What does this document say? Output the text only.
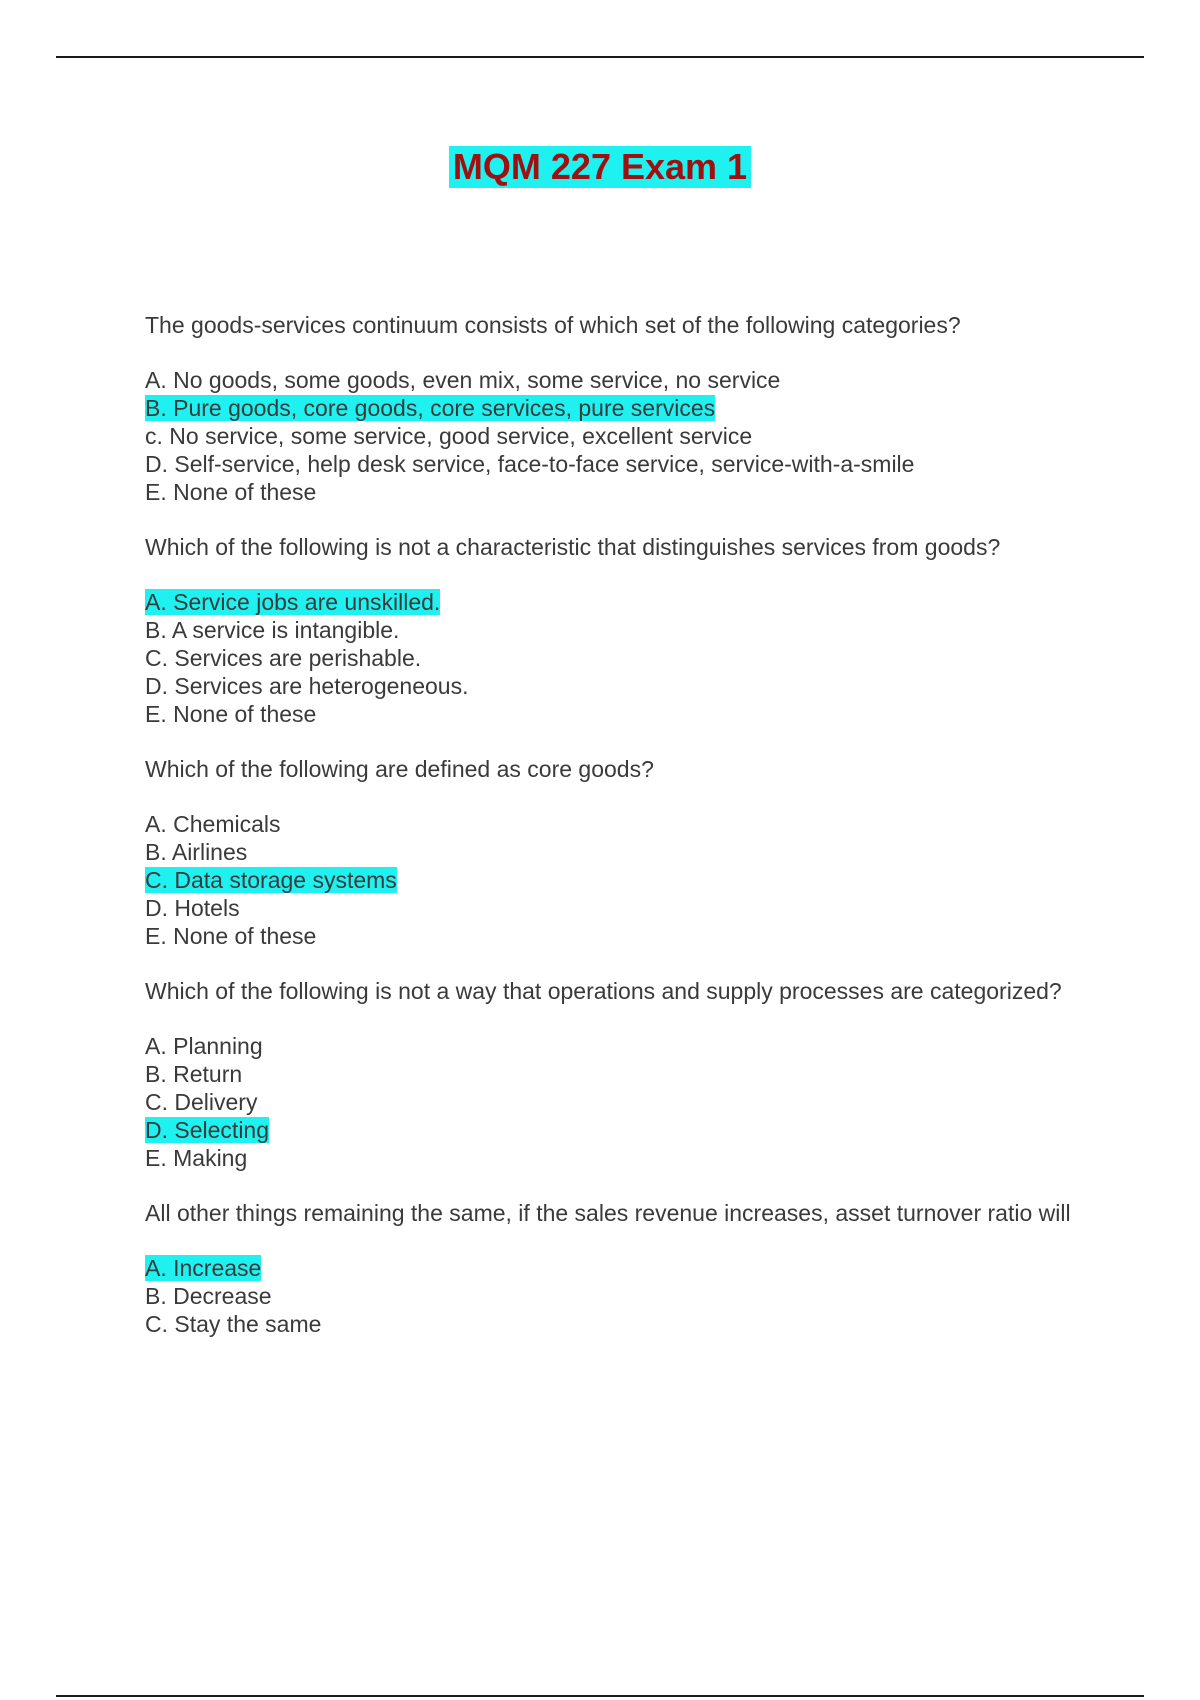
MQM 227 Exam 1
The goods-services continuum consists of which set of the following categories?
A. No goods, some goods, even mix, some service, no service
B. Pure goods, core goods, core services, pure services
c. No service, some service, good service, excellent service
D. Self-service, help desk service, face-to-face service, service-with-a-smile
E. None of these
Which of the following is not a characteristic that distinguishes services from goods?
A. Service jobs are unskilled.
B. A service is intangible.
C. Services are perishable.
D. Services are heterogeneous.
E. None of these
Which of the following are defined as core goods?
A. Chemicals
B. Airlines
C. Data storage systems
D. Hotels
E. None of these
Which of the following is not a way that operations and supply processes are categorized?
A. Planning
B. Return
C. Delivery
D. Selecting
E. Making
All other things remaining the same, if the sales revenue increases, asset turnover ratio will
A. Increase
B. Decrease
C. Stay the same
